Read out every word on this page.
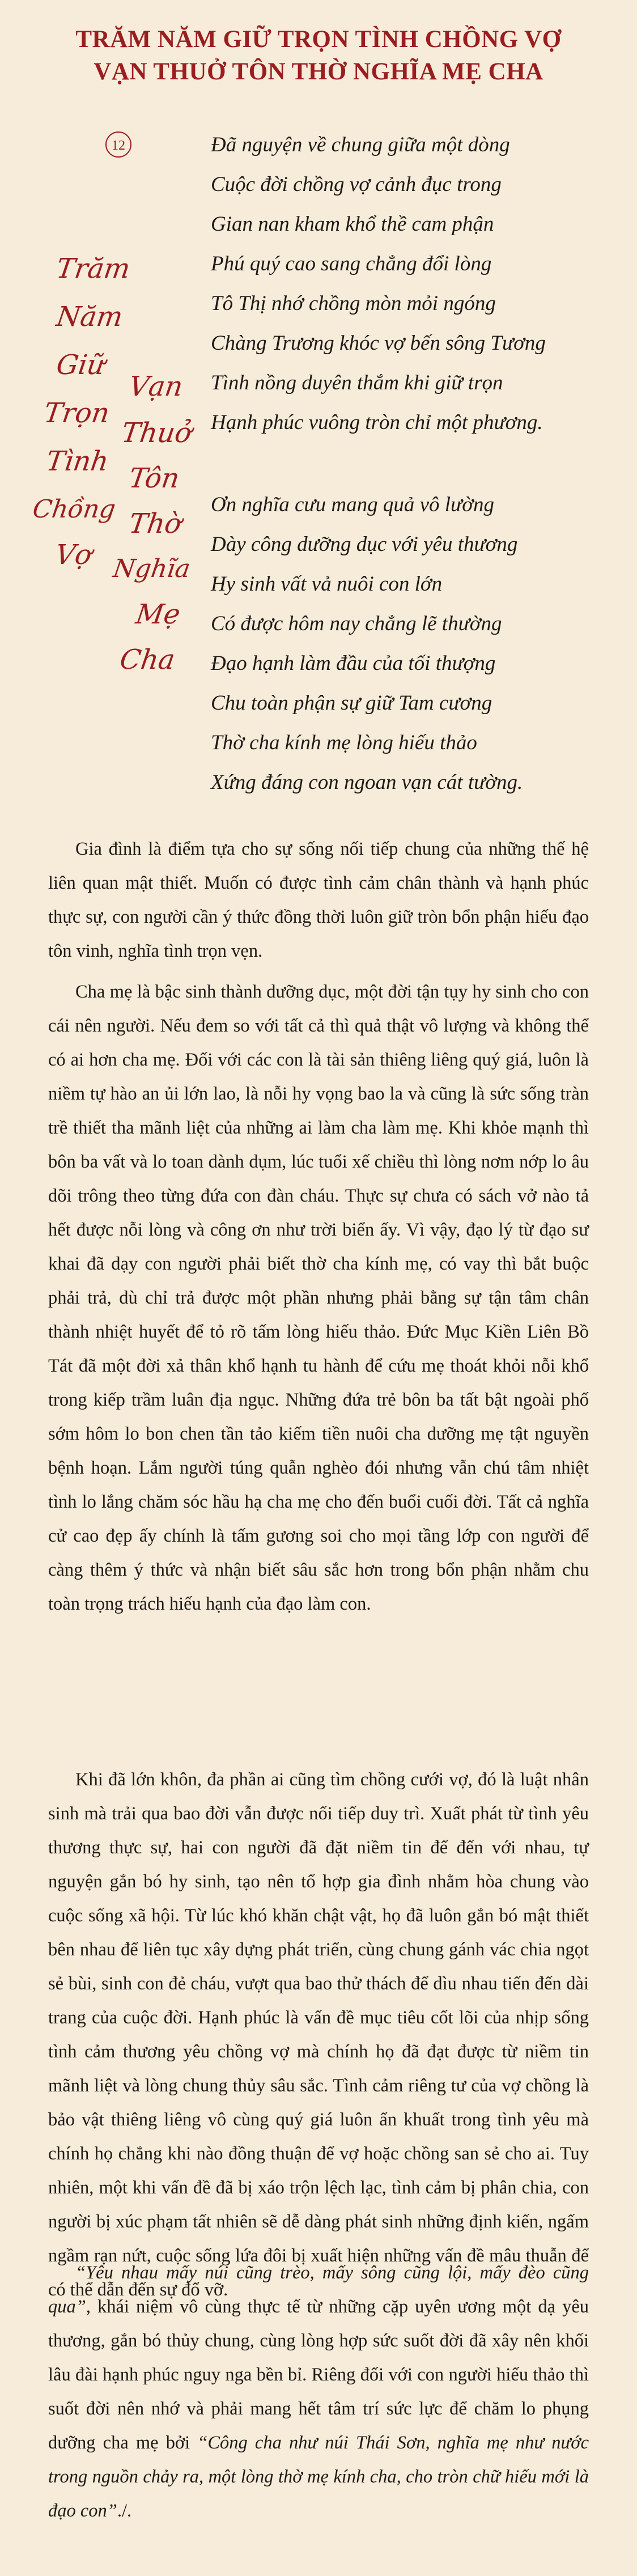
TRĂM NĂM GIỮ TRỌN TÌNH CHỒNG VỢ
VẠN THUỞ TÔN THỜ NGHĨA MẸ CHA
12
Trăm
Năm
Giữ
Trọn
Tình
Chồng
Vợ
Vạn
Thuở
Tôn
Thờ
Nghĩa
Mẹ
Cha

Đã nguyện về chung giữa một dòng

Cuộc đời chồng vợ cảnh đục trong

Gian nan kham khổ thề cam phận

Phú quý cao sang chẳng đổi lòng

Tô Thị nhớ chồng mòn mỏi ngóng

Chàng Trương khóc vợ bến sông Tương

Tình nồng duyên thắm khi giữ trọn

Hạnh phúc vuông tròn chỉ một phương.

Ơn nghĩa cưu mang quả vô lường

Dày công dưỡng dục với yêu thương

Hy sinh vất vả nuôi con lớn

Có được hôm nay chẳng lẽ thường

Đạo hạnh làm đầu của tối thượng

Chu toàn phận sự giữ Tam cương

Thờ cha kính mẹ lòng hiếu thảo

Xứng đáng con ngoan vạn cát tường.

Gia đình là điểm tựa cho sự sống nối tiếp chung của những thế hệ liên quan mật thiết. Muốn có được tình cảm chân thành và hạnh phúc thực sự, con người cần ý thức đồng thời luôn giữ tròn bổn phận hiếu đạo tôn vinh, nghĩa tình trọn vẹn.

Cha mẹ là bậc sinh thành dưỡng dục, một đời tận tụy hy sinh cho con cái nên người. Nếu đem so với tất cả thì quả thật vô lượng và không thể có ai hơn cha mẹ. Đối với các con là tài sản thiêng liêng quý giá, luôn là niềm tự hào an ủi lớn lao, là nỗi hy vọng bao la và cũng là sức sống tràn trề thiết tha mãnh liệt của những ai làm cha làm mẹ. Khi khỏe mạnh thì bôn ba vất và lo toan dành dụm, lúc tuổi xế chiều thì lòng nơm nớp lo âu dõi trông theo từng đứa con đàn cháu. Thực sự chưa có sách vở nào tả hết được nỗi lòng và công ơn như trời biển ấy. Vì vậy, đạo lý từ đạo sư khai đã dạy con người phải biết thờ cha kính mẹ, có vay thì bắt buộc phải trả, dù chỉ trả được một phần nhưng phải bằng sự tận tâm chân thành nhiệt huyết để tỏ rõ tấm lòng hiếu thảo. Đức Mục Kiền Liên Bồ Tát đã một đời xả thân khổ hạnh tu hành để cứu mẹ thoát khỏi nỗi khổ trong kiếp trầm luân địa ngục. Những đứa trẻ bôn ba tất bật ngoài phố sớm hôm lo bon chen tần tảo kiếm tiền nuôi cha dưỡng mẹ tật nguyền bệnh hoạn. Lắm người túng quẫn nghèo đói nhưng vẫn chú tâm nhiệt tình lo lắng chăm sóc hầu hạ cha mẹ cho đến buổi cuối đời. Tất cả nghĩa cử cao đẹp ấy chính là tấm gương soi cho mọi tầng lớp con người để càng thêm ý thức và nhận biết sâu sắc hơn trong bổn phận nhằm chu toàn trọng trách hiếu hạnh của đạo làm con.

Khi đã lớn khôn, đa phần ai cũng tìm chồng cưới vợ, đó là luật nhân sinh mà trải qua bao đời vẫn được nối tiếp duy trì. Xuất phát từ tình yêu thương thực sự, hai con người đã đặt niềm tin để đến với nhau, tự nguyện gắn bó hy sinh, tạo nên tổ hợp gia đình nhằm hòa chung vào cuộc sống xã hội. Từ lúc khó khăn chật vật, họ đã luôn gắn bó mật thiết bên nhau để liên tục xây dựng phát triển, cùng chung gánh vác chia ngọt sẻ bùi, sinh con đẻ cháu, vượt qua bao thử thách để dìu nhau tiến đến dài trang của cuộc đời. Hạnh phúc là vấn đề mục tiêu cốt lõi của nhịp sống tình cảm thương yêu chồng vợ mà chính họ đã đạt được từ niềm tin mãnh liệt và lòng chung thủy sâu sắc. Tình cảm riêng tư của vợ chồng là bảo vật thiêng liêng vô cùng quý giá luôn ẩn khuất trong tình yêu mà chính họ chẳng khi nào đồng thuận để vợ hoặc chồng san sẻ cho ai. Tuy nhiên, một khi vấn đề đã bị xáo trộn lệch lạc, tình cảm bị phân chia, con người bị xúc phạm tất nhiên sẽ dễ dàng phát sinh những định kiến, ngấm ngầm rạn nứt, cuộc sống lứa đôi bị xuất hiện những vấn đề mâu thuẫn để có thể dẫn đến sự đổ vỡ.

“Yêu nhau mấy núi cũng trèo, mấy sông cũng lội, mấy đèo cũng qua”, khái niệm vô cùng thực tế từ những cặp uyên ương một dạ yêu thương, gắn bó thủy chung, cùng lòng hợp sức suốt đời đã xây nên khối lâu đài hạnh phúc nguy nga bền bỉ. Riêng đối với con người hiếu thảo thì suốt đời nên nhớ và phải mang hết tâm trí sức lực để chăm lo phụng dưỡng cha mẹ bởi “Công cha như núi Thái Sơn, nghĩa mẹ như nước trong nguồn chảy ra, một lòng thờ mẹ kính cha, cho tròn chữ hiếu mới là đạo con”./.
